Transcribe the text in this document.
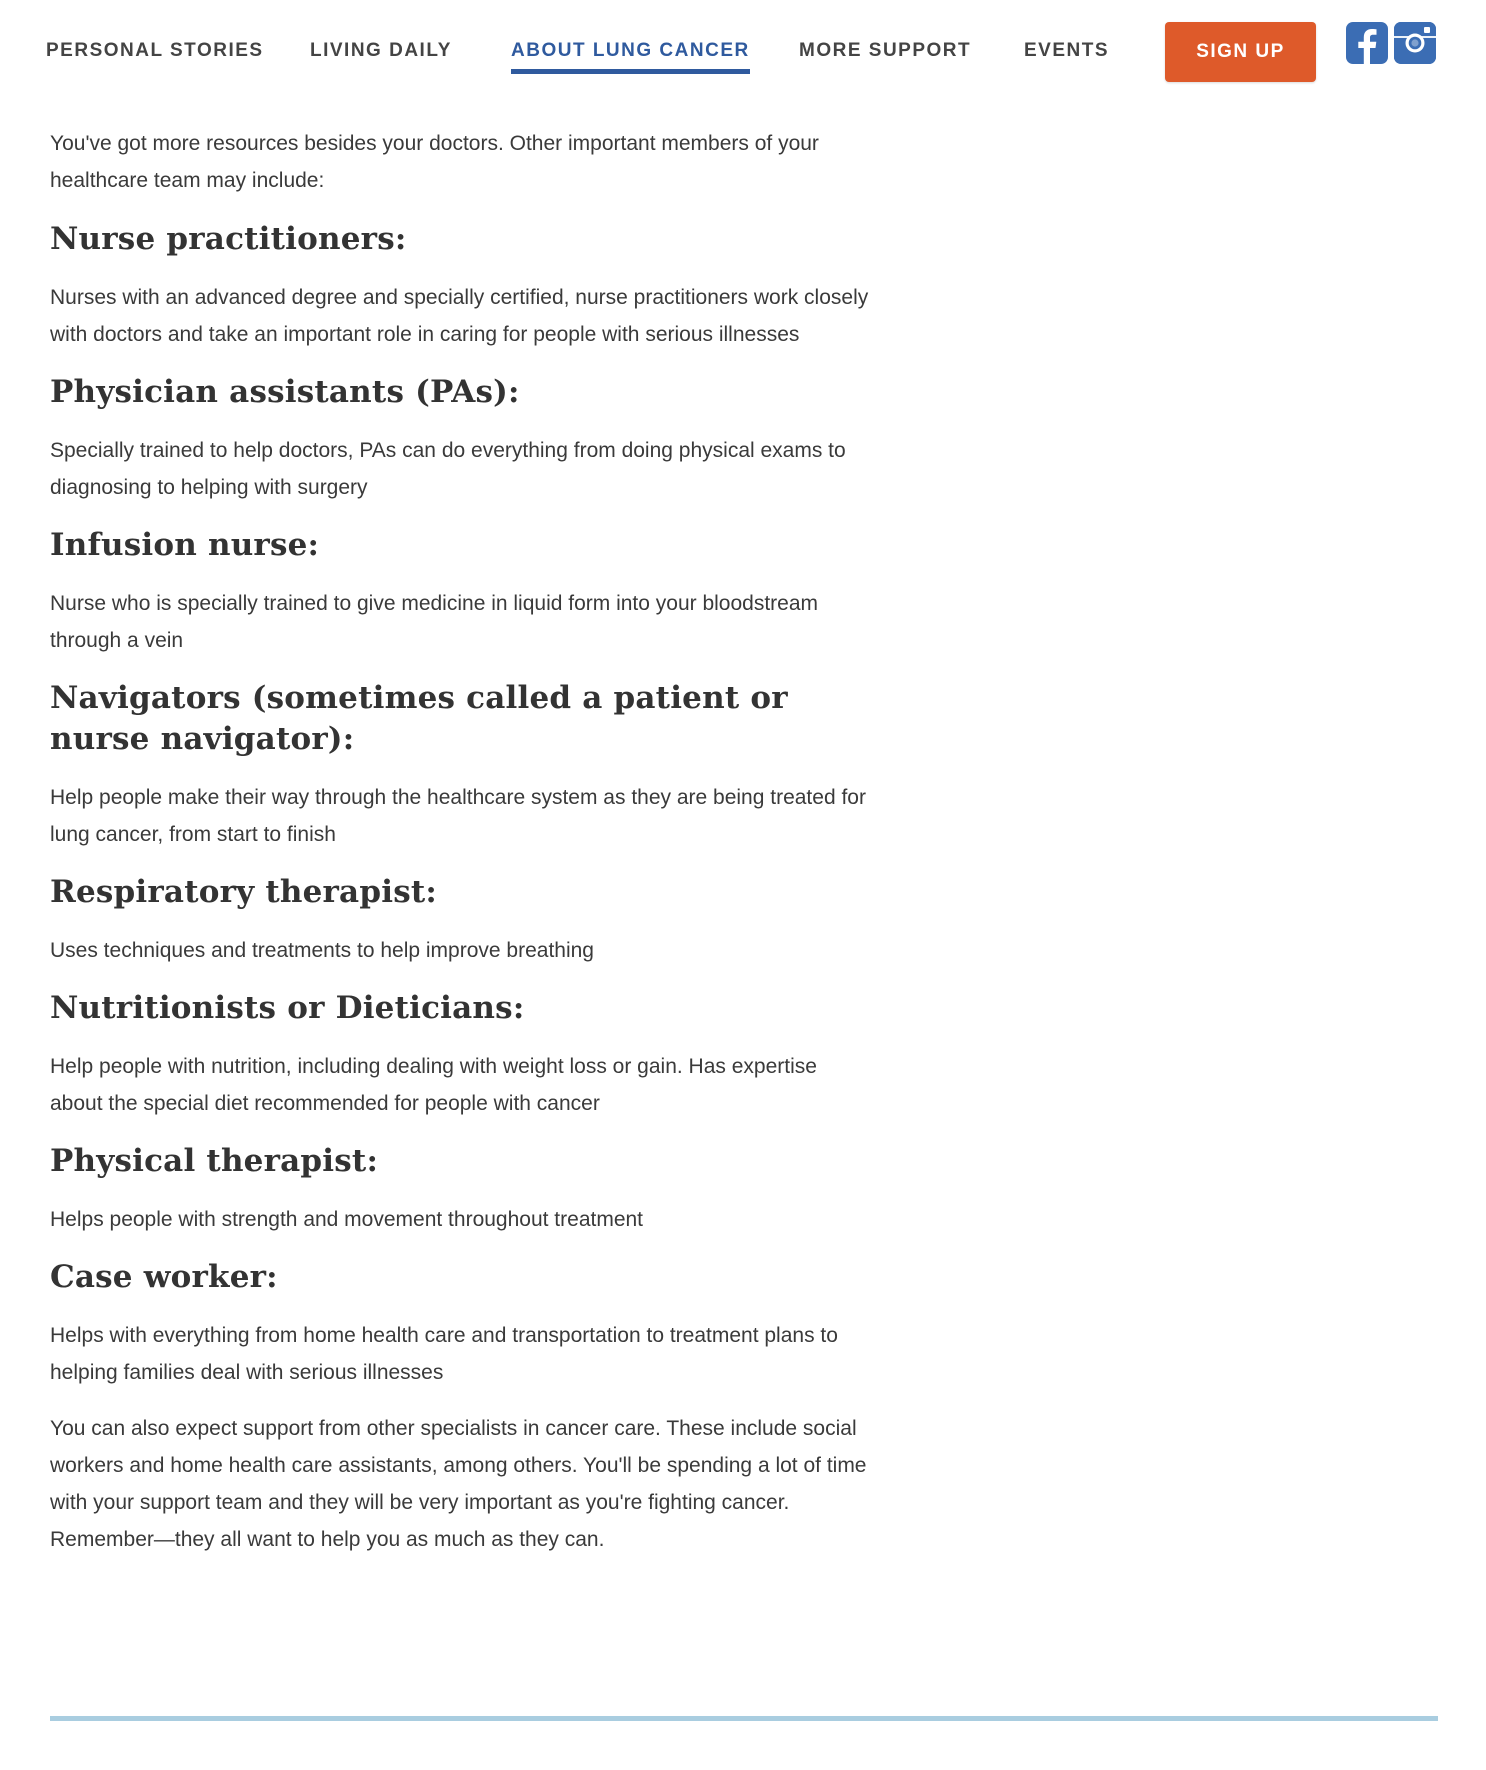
PERSONAL STORIES LIVING DAILY	ABOUT LUNG CANCER	MORE SUPPORT	EVENTS	SIGN UP

You've got more resources besides your doctors. Other important members of your healthcare team may include:

Nurse practitioners:

Nurses with an advanced degree and specially certified, nurse practitioners work closely with doctors and take an important role in caring for people with serious illnesses

Physician assistants (PAs):

Specially trained to help doctors, PAs can do everything from doing physical exams to diagnosing to helping with surgery

Infusion nurse:

Nurse who is specially trained to give medicine in liquid form into your bloodstream through a vein

Navigators (sometimes called a patient or nurse navigator):

Help people make their way through the healthcare system as they are being treated for lung cancer, from start to finish

Respiratory therapist:

Uses techniques and treatments to help improve breathing

Nutritionists or Dieticians:

Help people with nutrition, including dealing with weight loss or gain. Has expertise about the special diet recommended for people with cancer

Physical therapist:

Helps people with strength and movement throughout treatment

Case worker:

Helps with everything from home health care and transportation to treatment plans to helping families deal with serious illnesses

You can also expect support from other specialists in cancer care. These include social workers and home health care assistants, among others. You'll be spending a lot of time with your support team and they will be very important as you're fighting cancer. Remember—they all want to help you as much as they can.
